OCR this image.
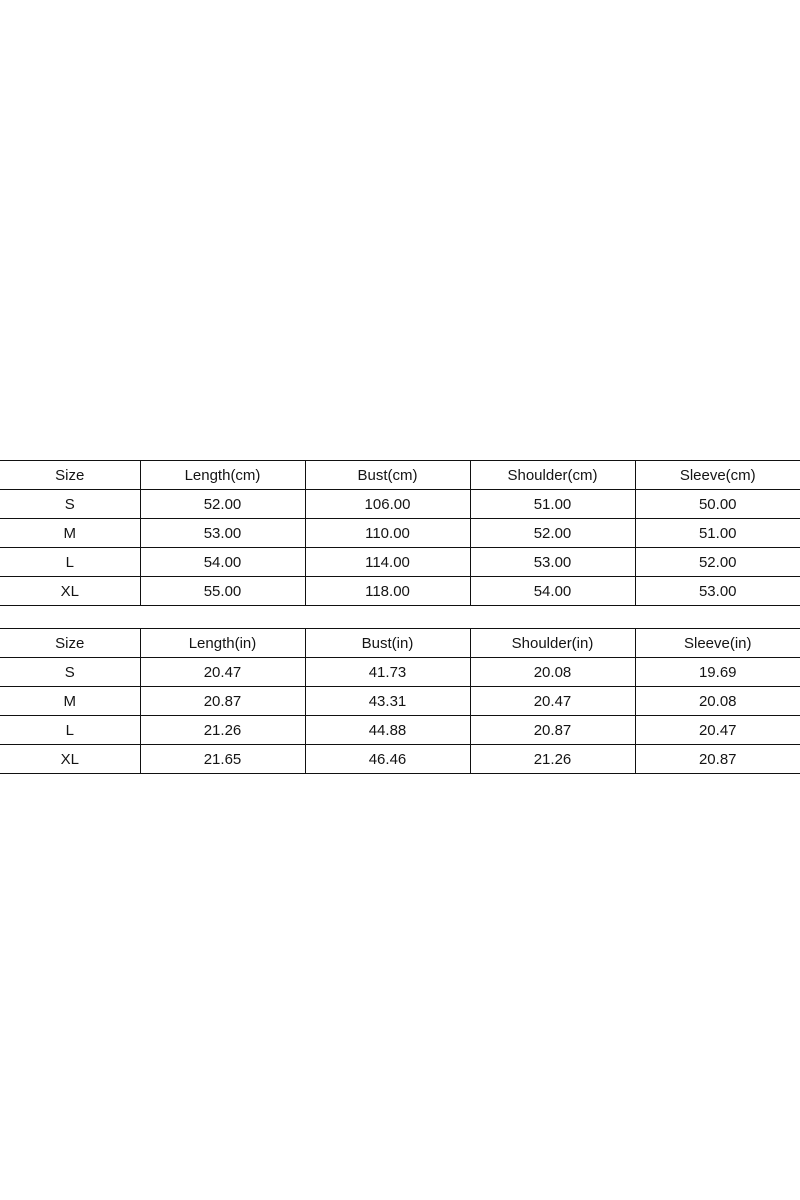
Size	Length(cm)	Bust(cm)	Shoulder(cm)	Sleeve(cm)
S	52.00	106.00	51.00	50.00
M	53.00	110.00	52.00	51.00
L	54.00	114.00	53.00	52.00
XL	55.00	118.00	54.00	53.00
Size	Length(in)	Bust(in)	Shoulder(in)	Sleeve(in)
S	20.47	41.73	20.08	19.69
M	20.87	43.31	20.47	20.08
L	21.26	44.88	20.87	20.47
XL	21.65	46.46	21.26	20.87
